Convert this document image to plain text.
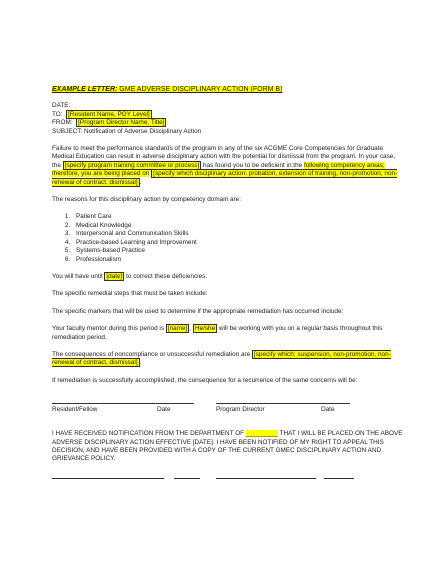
EXAMPLE LETTER: GME ADVERSE DISCIPLINARY ACTION (FORM B)

DATE:

TO: [Resident Name, PGY Level]

FROM: [Program Director Name, Title]

SUBJECT: Notification of Adverse Disciplinary Action

Failure to meet the performance standards of the program in any of the six ACGME Core Competencies for Graduate Medical Education can result in adverse disciplinary action with the potential for dismissal from the program. In your case, the [specify program training committee or process] has found you to be deficient in the following competency areas; therefore, you are being placed on [specify which disciplinary action: probation, extension of training, non-promotion, non-renewal of contract, dismissal] .

The reasons for this disciplinary action by competency domain are:

1. Patient Care
2. Medical Knowledge
3. Interpersonal and Communication Skills
4. Practice-based Learning and Improvement
5. Systems-based Practice
6. Professionalism

You will have until [date] to correct these deficiencies.

The specific remedial steps that must be taken include:

The specific markers that will be used to determine if the appropriate remediation has occurred include:

Your faculty mentor during this period is [name] . He/she will be working with you on a regular basis throughout this remediation period.

The consequences of noncompliance or unsuccessful remediation are [specify which: suspension, non-promotion, non-renewal of contract, dismissal] .

If remediation is successfully accomplished, the consequence for a recurrence of the same concerns will be:

Resident/Fellow	Date	Program Director	Date

I HAVE RECEIVED NOTIFICATION FROM THE DEPARTMENT OF _________ THAT I WILL BE PLACED ON THE ABOVE ADVERSE DISCIPLINARY ACTION EFFECTIVE [DATE]. I HAVE BEEN NOTIFIED OF MY RIGHT TO APPEAL THIS DECISION, AND HAVE BEEN PROVIDED WITH A COPY OF THE CURRENT GMEC DISCIPLINARY ACTION AND GRIEVANCE POLICY.
